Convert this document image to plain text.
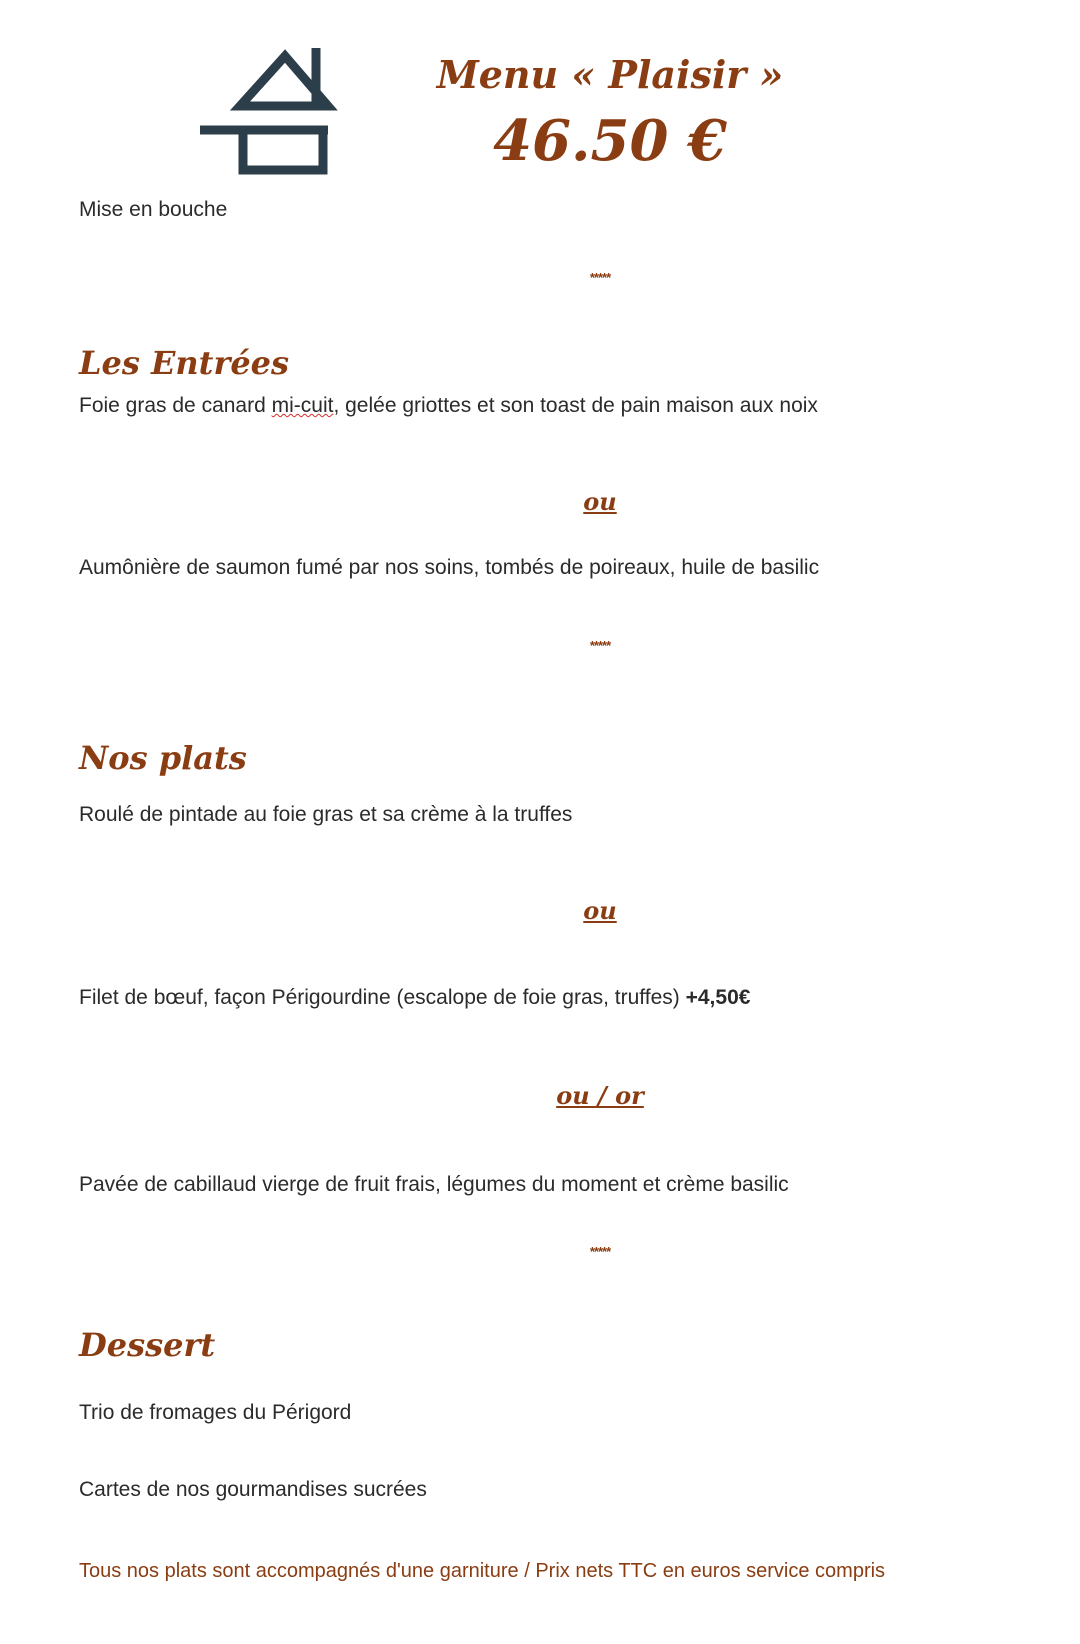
Menu « Plaisir »
46.50 €
Mise en bouche
*****
Les Entrées
Foie gras de canard mi-cuit, gelée griottes et son toast de pain maison aux noix
ou
Aumônière de saumon fumé par nos soins, tombés de poireaux, huile de basilic
*****
Nos plats
Roulé de pintade au foie gras et sa crème à la truffes
ou
Filet de bœuf, façon Périgourdine (escalope de foie gras, truffes) +4,50€
ou / or
Pavée de cabillaud vierge de fruit frais, légumes du moment et crème basilic
*****
Dessert
Trio de fromages du Périgord
Cartes de nos gourmandises sucrées
Tous nos plats sont accompagnés d'une garniture / Prix nets TTC en euros service compris
